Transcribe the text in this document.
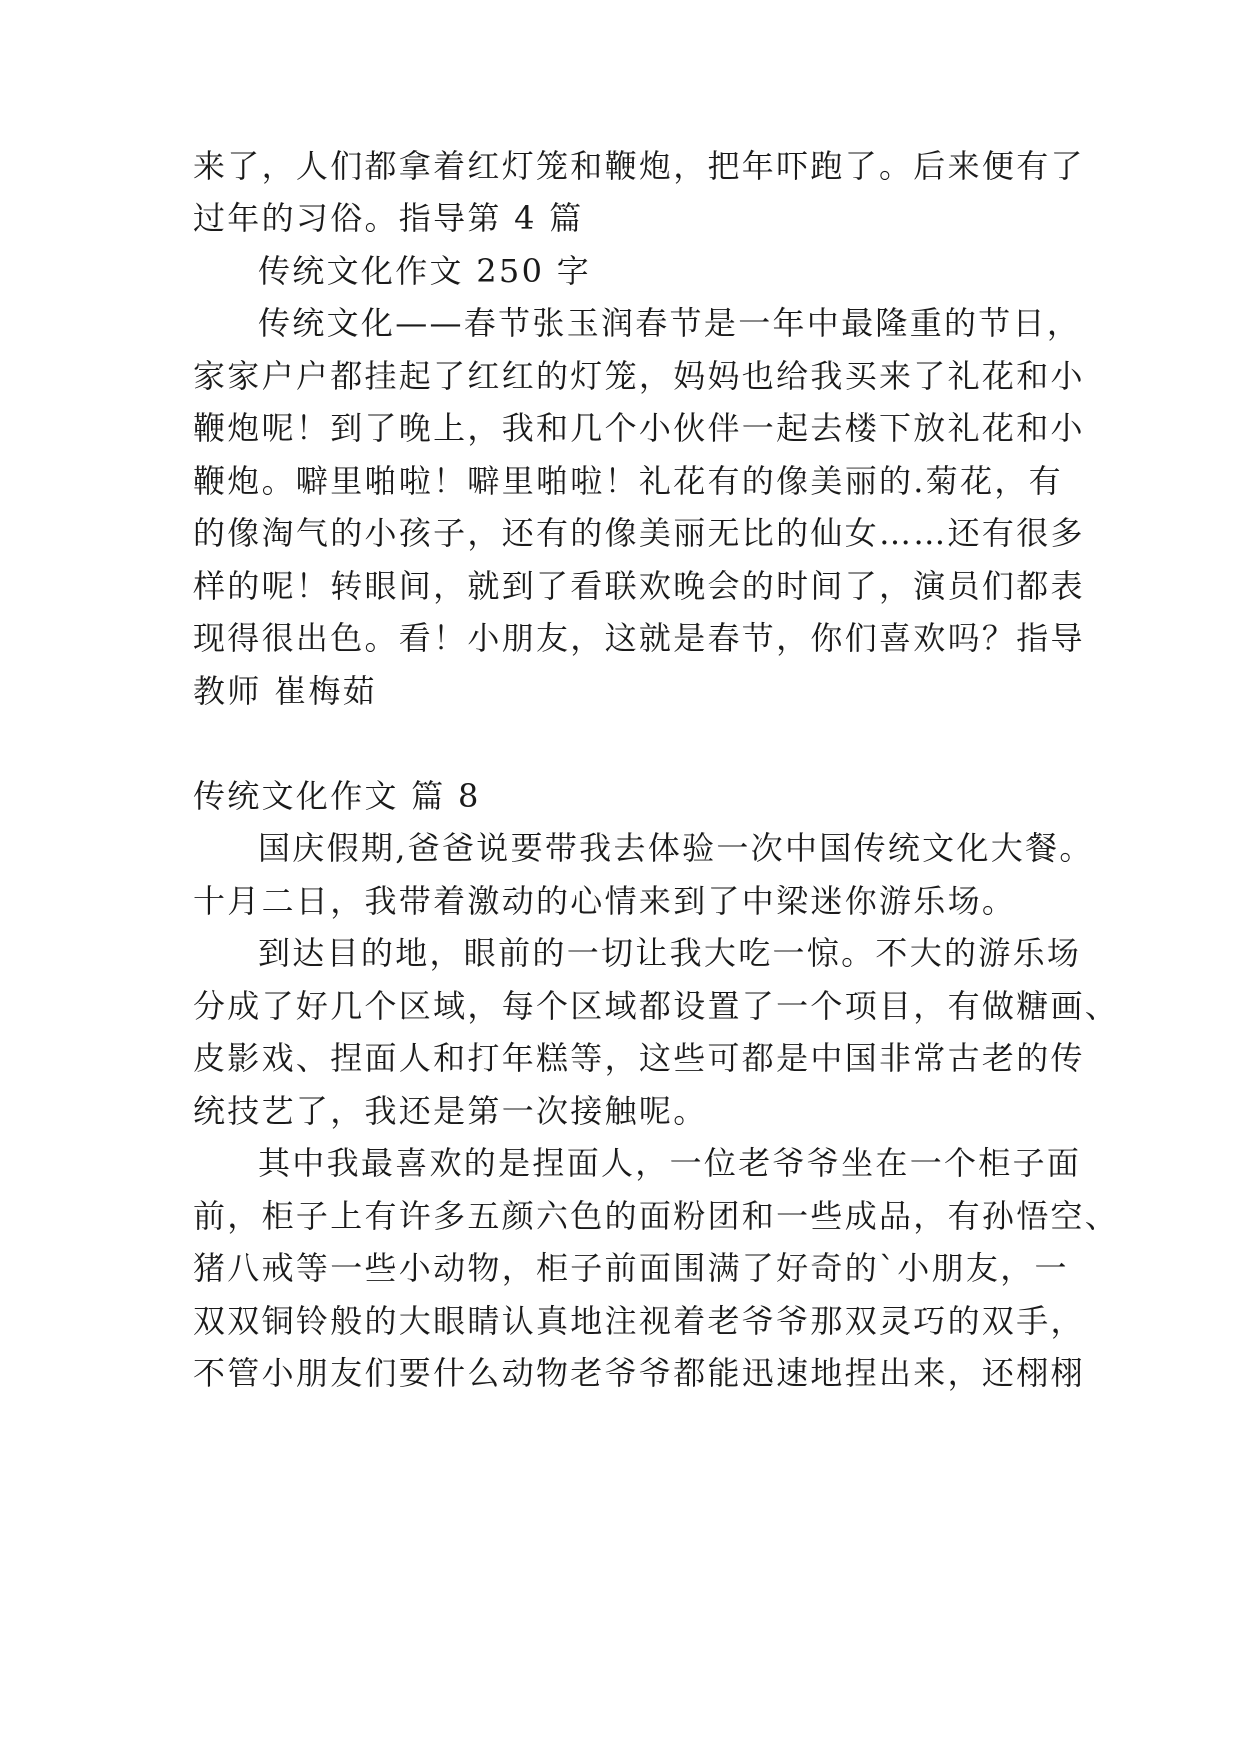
来了，人们都拿着红灯笼和鞭炮，把年吓跑了。后来便有了
过年的习俗。指导第 4 篇
传统文化作文 250 字
传统文化——春节张玉润春节是一年中最隆重的节日，
家家户户都挂起了红红的灯笼，妈妈也给我买来了礼花和小
鞭炮呢！到了晚上，我和几个小伙伴一起去楼下放礼花和小
鞭炮。噼里啪啦！噼里啪啦！礼花有的像美丽的.菊花，有
的像淘气的小孩子，还有的像美丽无比的仙女……还有很多
样的呢！转眼间，就到了看联欢晚会的时间了，演员们都表
现得很出色。看！小朋友，这就是春节，你们喜欢吗？指导
教师 崔梅茹
传统文化作文 篇 8
国庆假期,爸爸说要带我去体验一次中国传统文化大餐。
十月二日，我带着激动的心情来到了中梁迷你游乐场。
到达目的地，眼前的一切让我大吃一惊。不大的游乐场
分成了好几个区域，每个区域都设置了一个项目，有做糖画、
皮影戏、捏面人和打年糕等，这些可都是中国非常古老的传
统技艺了，我还是第一次接触呢。
其中我最喜欢的是捏面人，一位老爷爷坐在一个柜子面
前，柜子上有许多五颜六色的面粉团和一些成品，有孙悟空、
猪八戒等一些小动物，柜子前面围满了好奇的`小朋友，一
双双铜铃般的大眼睛认真地注视着老爷爷那双灵巧的双手，
不管小朋友们要什么动物老爷爷都能迅速地捏出来，还栩栩
